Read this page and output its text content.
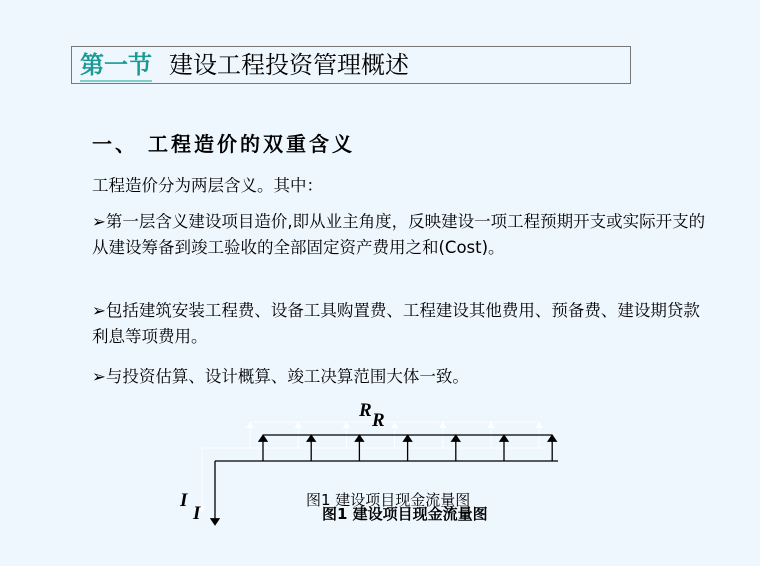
第一节 建设工程投资管理概述
一、 工程造价的双重含义
工程造价分为两层含义。其中：
➢第一层含义建设项目造价,即从业主角度，反映建设一项工程预期开支或实际开支的从建设筹备到竣工验收的全部固定资产费用之和(Cost)。
➢包括建筑安装工程费、设备工具购置费、工程建设其他费用、预备费、建设期贷款利息等项费用。
➢与投资估算、设计概算、竣工决算范围大体一致。
R R
I
I
图1 建设项目现金流量图
图1 建设项目现金流量图
